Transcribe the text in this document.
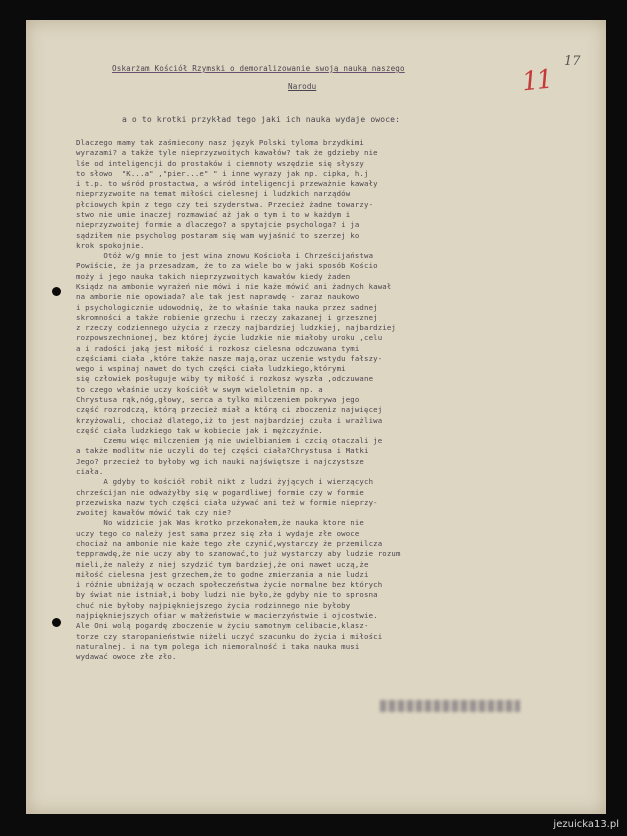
17
11

Oskarżam Kościół Rzymski o demoralizowanie swoją nauką naszego

Narodu

a o to krotki przykład tego jaki ich nauka wydaje owoce:

Dlaczego mamy tak zaśmiecony nasz język Polski tyloma brzydkimi
wyrazami? a także tyle nieprzyzwoitych kawałów? tak że gdzieby nie
lśe od inteligencji do prostaków i ciemnoty wszędzie się słyszy
to słowo  "K...a" ,"pier...e" " i inne wyrazy jak np. cipka, h.j
i t.p. to wśród prostactwa, a wśród inteligencji przeważnie kawały
nieprzyzwoite na temat miłości cielesnej i ludzkich narządów
płciowych kpin z tego czy tei szyderstwa. Przecież żadne towarzy-
stwo nie umie inaczej rozmawiać aż jak o tym i to w każdym i
nieprzyzwoitej formie a dlaczego? a spytajcie psychologa? i ja
sądziłem nie psycholog postaram się wam wyjaśnić to szerzej ko
krok spokojnie.
Otóż w/g mnie to jest wina znowu Kościoła i Chrześcijaństwa
Powiście, że ja przesadzam, że to za wiele bo w jaki sposób Kościo
moży i jego nauka takich nieprzyzwoitych kawałów kiedy żaden
Ksiądz na ambonie wyrażeń nie mówi i nie każe mówić ani żadnych kawał
na amborie nie opowiada? ale tak jest naprawdę - zaraz naukowo
i psychologicznie udowodnię, że to właśnie taka nauka przez sadnej
skromności a także robienie grzechu i rzeczy zakazanej i grzesznej
z rzeczy codziennego użycia z rzeczy najbardziej ludzkiej, najbardziej
rozpowszechnionej, bez której życie ludzkie nie miałoby uroku ,celu
a i radości jaką jest miłość i rozkosz cielesna odczuwana tymi
częściami ciała ,które także nasze mają,oraz uczenie wstydu fałszy-
wego i wspinaj nawet do tych części ciała ludzkiego,którymi
się człowiek posługuje wiby ty miłość i rozkosz wyszła ,odczuwane
to czego właśnie uczy kościół w swym wieloletnim np. a
Chrystusa rąk,nóg,głowy, serca a tylko milczeniem pokrywa jego
część rozrodczą, którą przecież miał a którą ci zboczeniz najwięcej
krzyżowali, chociaż dlatego,iż to jest najbardziej czuła i wrażliwa
część ciała ludzkiego tak w kobiecie jak i mężczyźnie.
Czemu więc milczeniem ją nie uwielbianiem i czcią otaczali je
a także modlitw nie uczyli do tej części ciała?Chrystusa i Matki
Jego? przecież to byłoby wg ich nauki najświętsze i najczystsze
ciała.
A gdyby to kościół robił nikt z ludzi żyjących i wierzących
chrześcijan nie odważyłby się w pogardliwej formie czy w formie
przezwiska nazw tych części ciała używać ani też w formie nieprzy-
zwoitej kawałów mówić tak czy nie?
No widzicie jak Was krotko przekonałem,że nauka ktore nie
uczy tego co należy jest sama przez się zła i wydaje złe owoce
chociaż na ambonie nie każe tego złe czynić,wystarczy że przemilcza
tepprawdę,że nie uczy aby to szanować,to już wystarczy aby ludzie rozum
mieli,że należy z niej szydzić tym bardziej,że oni nawet uczą,że
miłość cielesna jest grzechem,że to godne zmierzania a nie ludzi
i róźnie ubniżają w oczach społeczeństwa życie normalne bez których
by świat nie istniał,i boby ludzi nie było,że gdyby nie to sprosna
chuć nie byłoby najpiękniejszego życia rodzinnego nie byłoby
najpiękniejszych ofiar w małżeństwie w macierzyństwie i ojcostwie.
Ale Oni wolą pogardę zboczenie w życiu samotnym celibacie,klasz-
torze czy staropanieństwie niżeli uczyć szacunku do życia i miłości
naturalnej. i na tym polega ich niemoralność i taka nauka musi
wydawać owoce złe zło.

jezuicka13.pl
